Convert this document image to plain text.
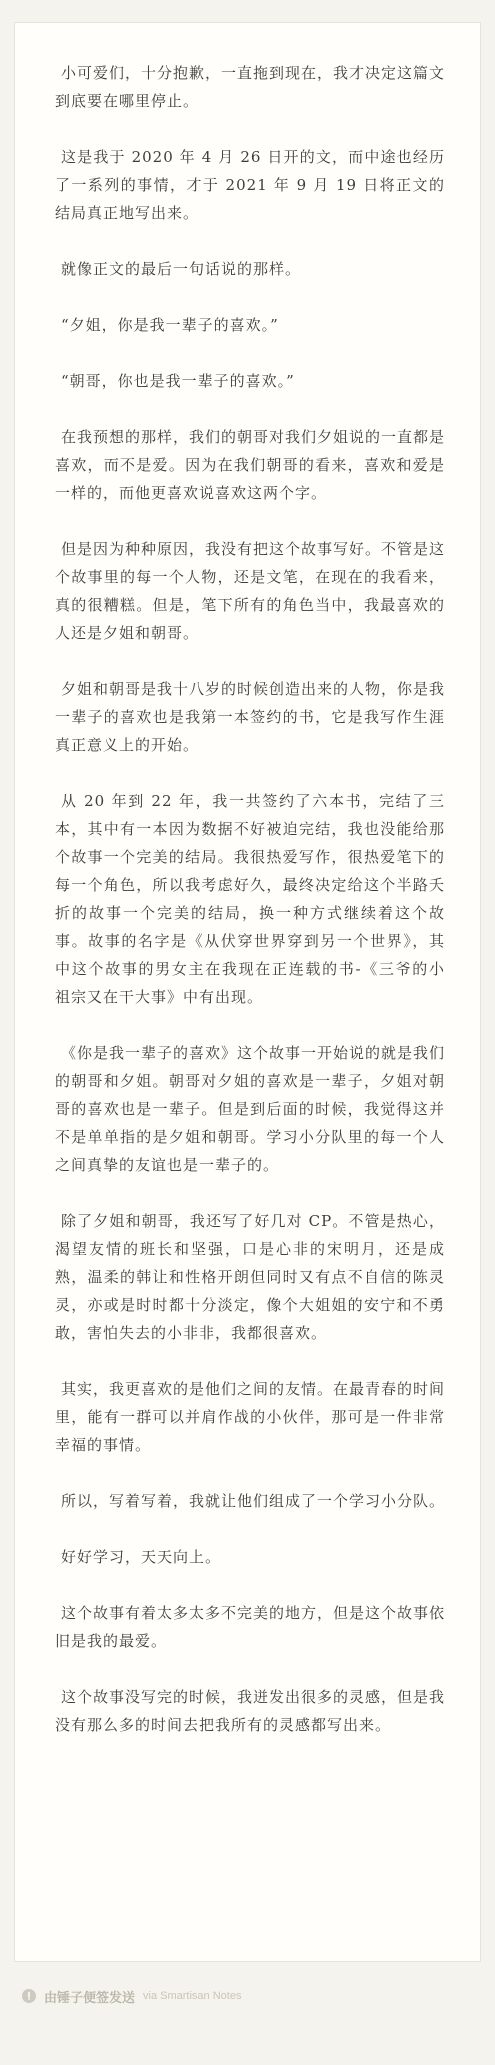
小可爱们，十分抱歉，一直拖到现在，我才决定这篇文到底要在哪里停止。

这是我于 2020 年 4 月 26 日开的文，而中途也经历了一系列的事情，才于 2021 年 9 月 19 日将正文的结局真正地写出来。

就像正文的最后一句话说的那样。

“夕姐，你是我一辈子的喜欢。”

“朝哥，你也是我一辈子的喜欢。”

在我预想的那样，我们的朝哥对我们夕姐说的一直都是喜欢，而不是爱。因为在我们朝哥的看来，喜欢和爱是一样的，而他更喜欢说喜欢这两个字。

但是因为种种原因，我没有把这个故事写好。不管是这个故事里的每一个人物，还是文笔，在现在的我看来，真的很糟糕。但是，笔下所有的角色当中，我最喜欢的人还是夕姐和朝哥。

夕姐和朝哥是我十八岁的时候创造出来的人物，你是我一辈子的喜欢也是我第一本签约的书，它是我写作生涯真正意义上的开始。

从 20 年到 22 年，我一共签约了六本书，完结了三本，其中有一本因为数据不好被迫完结，我也没能给那个故事一个完美的结局。我很热爱写作，很热爱笔下的每一个角色，所以我考虑好久，最终决定给这个半路夭折的故事一个完美的结局，换一种方式继续着这个故事。故事的名字是《从伏穿世界穿到另一个世界》，其中这个故事的男女主在我现在正连载的书-《三爷的小祖宗又在干大事》中有出现。

《你是我一辈子的喜欢》这个故事一开始说的就是我们的朝哥和夕姐。朝哥对夕姐的喜欢是一辈子，夕姐对朝哥的喜欢也是一辈子。但是到后面的时候，我觉得这并不是单单指的是夕姐和朝哥。学习小分队里的每一个人之间真挚的友谊也是一辈子的。

除了夕姐和朝哥，我还写了好几对 CP。不管是热心，渴望友情的班长和坚强，口是心非的宋明月，还是成熟，温柔的韩让和性格开朗但同时又有点不自信的陈灵灵，亦或是时时都十分淡定，像个大姐姐的安宁和不勇敢，害怕失去的小非非，我都很喜欢。

其实，我更喜欢的是他们之间的友情。在最青春的时间里，能有一群可以并肩作战的小伙伴，那可是一件非常幸福的事情。

所以，写着写着，我就让他们组成了一个学习小分队。

好好学习，天天向上。

这个故事有着太多太多不完美的地方，但是这个故事依旧是我的最爱。

这个故事没写完的时候，我迸发出很多的灵感，但是我没有那么多的时间去把我所有的灵感都写出来。

由锤子便签发送 via Smartisan Notes
